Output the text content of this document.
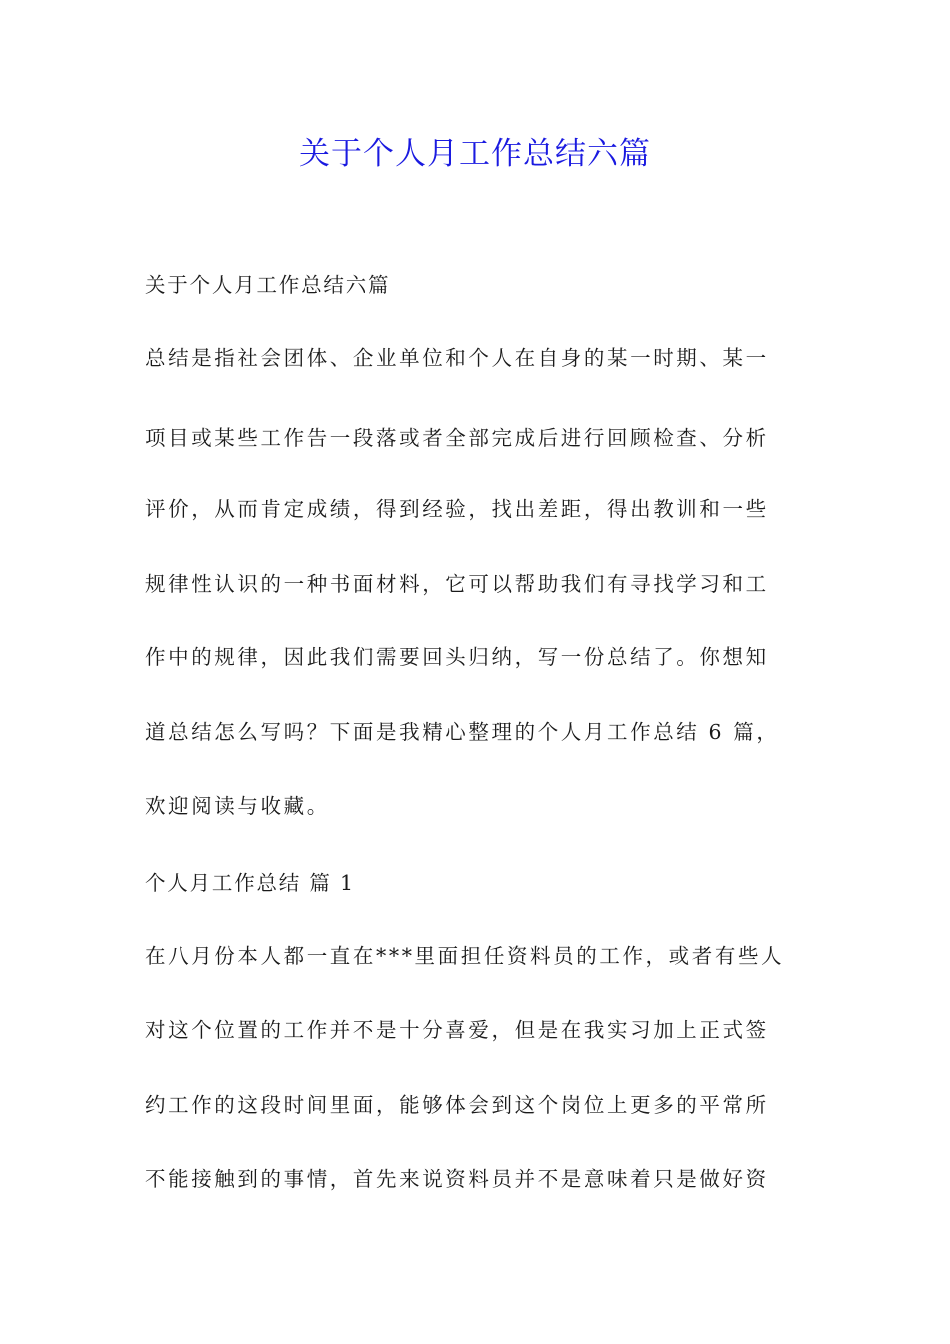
关于个人月工作总结六篇
关于个人月工作总结六篇
总结是指社会团体、企业单位和个人在自身的某一时期、某一
项目或某些工作告一段落或者全部完成后进行回顾检查、分析
评价，从而肯定成绩，得到经验，找出差距，得出教训和一些
规律性认识的一种书面材料，它可以帮助我们有寻找学习和工
作中的规律，因此我们需要回头归纳，写一份总结了。你想知
道总结怎么写吗？下面是我精心整理的个人月工作总结 6 篇，
欢迎阅读与收藏。
个人月工作总结 篇 1
在八月份本人都一直在***里面担任资料员的工作，或者有些人
对这个位置的工作并不是十分喜爱，但是在我实习加上正式签
约工作的这段时间里面，能够体会到这个岗位上更多的平常所
不能接触到的事情，首先来说资料员并不是意味着只是做好资
